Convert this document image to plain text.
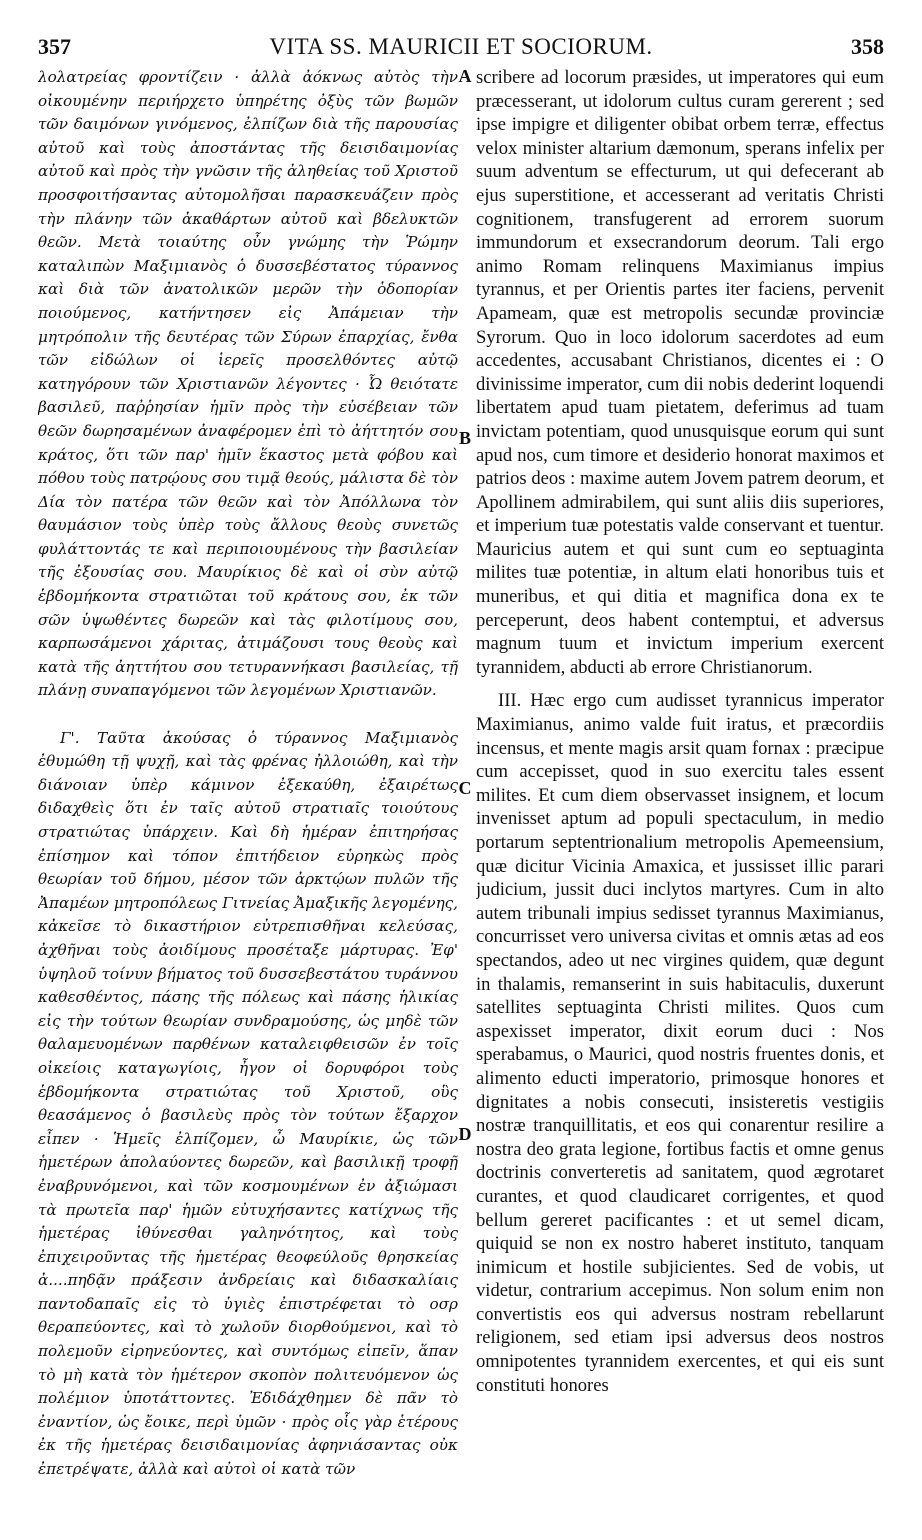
357	VITA SS. MAURICII ET SOCIORUM.	358

λολατρείας φροντίζειν · ἀλλὰ ἀόκνως αὐτὸς τὴν οἰκουμένην περιήρχετο ὑπηρέτης ὀξὺς τῶν βωμῶν τῶν δαιμόνων γινόμενος, ἐλπίζων διὰ τῆς παρουσίας αὐτοῦ καὶ τοὺς ἀποστάντας τῆς δεισιδαιμονίας αὐτοῦ καὶ πρὸς τὴν γνῶσιν τῆς ἀληθείας τοῦ Χριστοῦ προσφοιτήσαντας αὐτομολῆσαι παρασκευάζειν πρὸς τὴν πλάνην τῶν ἀκαθάρτων αὐτοῦ καὶ βδελυκτῶν θεῶν. Μετὰ τοιαύτης οὖν γνώμης τὴν Ῥώμην καταλιπὼν Μαξιμιανὸς ὁ δυσσεβέστατος τύραννος καὶ διὰ τῶν ἀνατολικῶν μερῶν τὴν ὁδοπορίαν ποιούμενος, κατήντησεν εἰς Ἀπάμειαν τὴν μητρόπολιν τῆς δευτέρας τῶν Σύρων ἐπαρχίας, ἔνθα τῶν εἰδώλων οἱ ἱερεῖς προσελθόντες αὐτῷ κατηγόρουν τῶν Χριστιανῶν λέγοντες · Ὦ θειότατε βασιλεῦ, παῤῥησίαν ἡμῖν πρὸς τὴν εὐσέβειαν τῶν θεῶν δωρησαμένων ἀναφέρομεν ἐπὶ τὸ ἀήττητόν σου κράτος, ὅτι τῶν παρ' ἡμῖν ἕκαστος μετὰ φόβου καὶ πόθου τοὺς πατρῴους σου τιμᾷ θεούς, μάλιστα δὲ τὸν Δία τὸν πατέρα τῶν θεῶν καὶ τὸν Ἀπόλλωνα τὸν θαυμάσιον τοὺς ὑπὲρ τοὺς ἄλλους θεοὺς συνετῶς φυλάττοντάς τε καὶ περιποιουμένους τὴν βασιλείαν τῆς ἐξουσίας σου. Μαυρίκιος δὲ καὶ οἱ σὺν αὐτῷ ἑβδομήκοντα στρατιῶται τοῦ κράτους σου, ἐκ τῶν σῶν ὑψωθέντες δωρεῶν καὶ τὰς φιλοτίμους σου, καρπωσάμενοι χάριτας, ἀτιμάζουσι τους θεοὺς καὶ κατὰ τῆς ἀηττήτου σου τετυραννήκασι βασιλείας, τῇ πλάνῃ συναπαγόμενοι τῶν λεγομένων Χριστιανῶν.

Γ'. Ταῦτα ἀκούσας ὁ τύραννος Μαξιμιανὸς ἐθυμώθη τῇ ψυχῇ, καὶ τὰς φρένας ἠλλοιώθη, καὶ τὴν διάνοιαν ὑπὲρ κάμινον ἐξεκαύθη, ἐξαιρέτως διδαχθεὶς ὅτι ἐν ταῖς αὐτοῦ στρατιαῖς τοιούτους στρατιώτας ὑπάρχειν. Καὶ δὴ ἡμέραν ἐπιτηρήσας ἐπίσημον καὶ τόπον ἐπιτήδειον εὑρηκὼς πρὸς θεωρίαν τοῦ δήμου, μέσον τῶν ἀρκτῴων πυλῶν τῆς Ἀπαμέων μητροπόλεως Γιτνείας Ἀμαξικῆς λεγομένης, κἀκεῖσε τὸ δικαστήριον εὐτρεπισθῆναι κελεύσας, ἀχθῆναι τοὺς ἀοιδίμους προσέταξε μάρτυρας. Ἐφ' ὑψηλοῦ τοίνυν βήματος τοῦ δυσσεβεστάτου τυράννου καθεσθέντος, πάσης τῆς πόλεως καὶ πάσης ἡλικίας εἰς τὴν τούτων θεωρίαν συνδραμούσης, ὡς μηδὲ τῶν θαλαμευομένων παρθένων καταλειφθεισῶν ἐν τοῖς οἰκείοις καταγωγίοις, ἦγον οἱ δορυφόροι τοὺς ἑβδομήκοντα στρατιώτας τοῦ Χριστοῦ, οὓς θεασάμενος ὁ βασιλεὺς πρὸς τὸν τούτων ἔξαρχον εἶπεν · Ἡμεῖς ἐλπίζομεν, ὦ Μαυρίκιε, ὡς τῶν ἡμετέρων ἀπολαύοντες δωρεῶν, καὶ βασιλικῇ τροφῇ ἐναβρυνόμενοι, καὶ τῶν κοσμουμένων ἐν ἀξιώμασι τὰ πρωτεῖα παρ' ἡμῶν εὐτυχήσαντες κατίχνως τῆς ἡμετέρας ἰθύνεσθαι γαληνότητος, καὶ τοὺς ἐπιχειροῦντας τῆς ἡμετέρας θεοφεύλοῦς θρησκείας ἀ....πηδᾷν πράξεσιν ἀνδρείαις καὶ διδασκαλίαις παντοδαπαῖς εἰς τὸ ὑγιὲς ἐπιστρέφεται τὸ οσρ θεραπεύοντες, καὶ τὸ χωλοῦν διορθούμενοι, καὶ τὸ πολεμοῦν εἰρηνεύοντες, καὶ συντόμως εἰπεῖν, ἅπαν τὸ μὴ κατὰ τὸν ἡμέτερον σκοπὸν πολιτευόμενον ὡς πολέμιον ὑποτάττοντες. Ἐδιδάχθημεν δὲ πᾶν τὸ ἐναντίον, ὡς ἔοικε, περὶ ὑμῶν · πρὸς οἷς γὰρ ἑτέρους ἐκ τῆς ἡμετέρας δεισιδαιμονίας ἀφηνιάσαντας οὐκ ἐπετρέψατε, ἀλλὰ καὶ αὐτοὶ οἱ κατὰ τῶν

A
B
C
D

scribere ad locorum præsides, ut imperatores qui eum præcesserant, ut idolorum cultus curam gererent ; sed ipse impigre et diligenter obibat orbem terræ, effectus velox minister altarium dæmonum, sperans infelix per suum adventum se effecturum, ut qui defecerant ab ejus superstitione, et accesserant ad veritatis Christi cognitionem, transfugerent ad errorem suorum immundorum et exsecrandorum deorum. Tali ergo animo Romam relinquens Maximianus impius tyrannus, et per Orientis partes iter faciens, pervenit Apameam, quæ est metropolis secundæ provinciæ Syrorum. Quo in loco idolorum sacerdotes ad eum accedentes, accusabant Christianos, dicentes ei : O divinissime imperator, cum dii nobis dederint loquendi libertatem apud tuam pietatem, deferimus ad tuam invictam potentiam, quod unusquisque eorum qui sunt apud nos, cum timore et desiderio honorat maximos et patrios deos : maxime autem Jovem patrem deorum, et Apollinem admirabilem, qui sunt aliis diis superiores, et imperium tuæ potestatis valde conservant et tuentur. Mauricius autem et qui sunt cum eo septuaginta milites tuæ potentiæ, in altum elati honoribus tuis et muneribus, et qui ditia et magnifica dona ex te perceperunt, deos habent contemptui, et adversus magnum tuum et invictum imperium exercent tyrannidem, abducti ab errore Christianorum.

III. Hæc ergo cum audisset tyrannicus imperator Maximianus, animo valde fuit iratus, et præcordiis incensus, et mente magis arsit quam fornax : præcipue cum accepisset, quod in suo exercitu tales essent milites. Et cum diem observasset insignem, et locum invenisset aptum ad populi spectaculum, in medio portarum septentrionalium metropolis Apemeensium, quæ dicitur Vicinia Amaxica, et jussisset illic parari judicium, jussit duci inclytos martyres. Cum in alto autem tribunali impius sedisset tyrannus Maximianus, concurrisset vero universa civitas et omnis ætas ad eos spectandos, adeo ut nec virgines quidem, quæ degunt in thalamis, remanserint in suis habitaculis, duxerunt satellites septuaginta Christi milites. Quos cum aspexisset imperator, dixit eorum duci : Nos sperabamus, o Maurici, quod nostris fruentes donis, et alimento educti imperatorio, primosque honores et dignitates a nobis consecuti, insisteretis vestigiis nostræ tranquillitatis, et eos qui conarentur resilire a nostra deo grata legione, fortibus factis et omne genus doctrinis converteretis ad sanitatem, quod ægrotaret curantes, et quod claudicaret corrigentes, et quod bellum gereret pacificantes : et ut semel dicam, quiquid se non ex nostro haberet instituto, tanquam inimicum et hostile subjicientes. Sed de vobis, ut videtur, contrarium accepimus. Non solum enim non convertistis eos qui adversus nostram rebellarunt religionem, sed etiam ipsi adversus deos nostros omnipotentes tyrannidem exercentes, et qui eis sunt constituti honores
